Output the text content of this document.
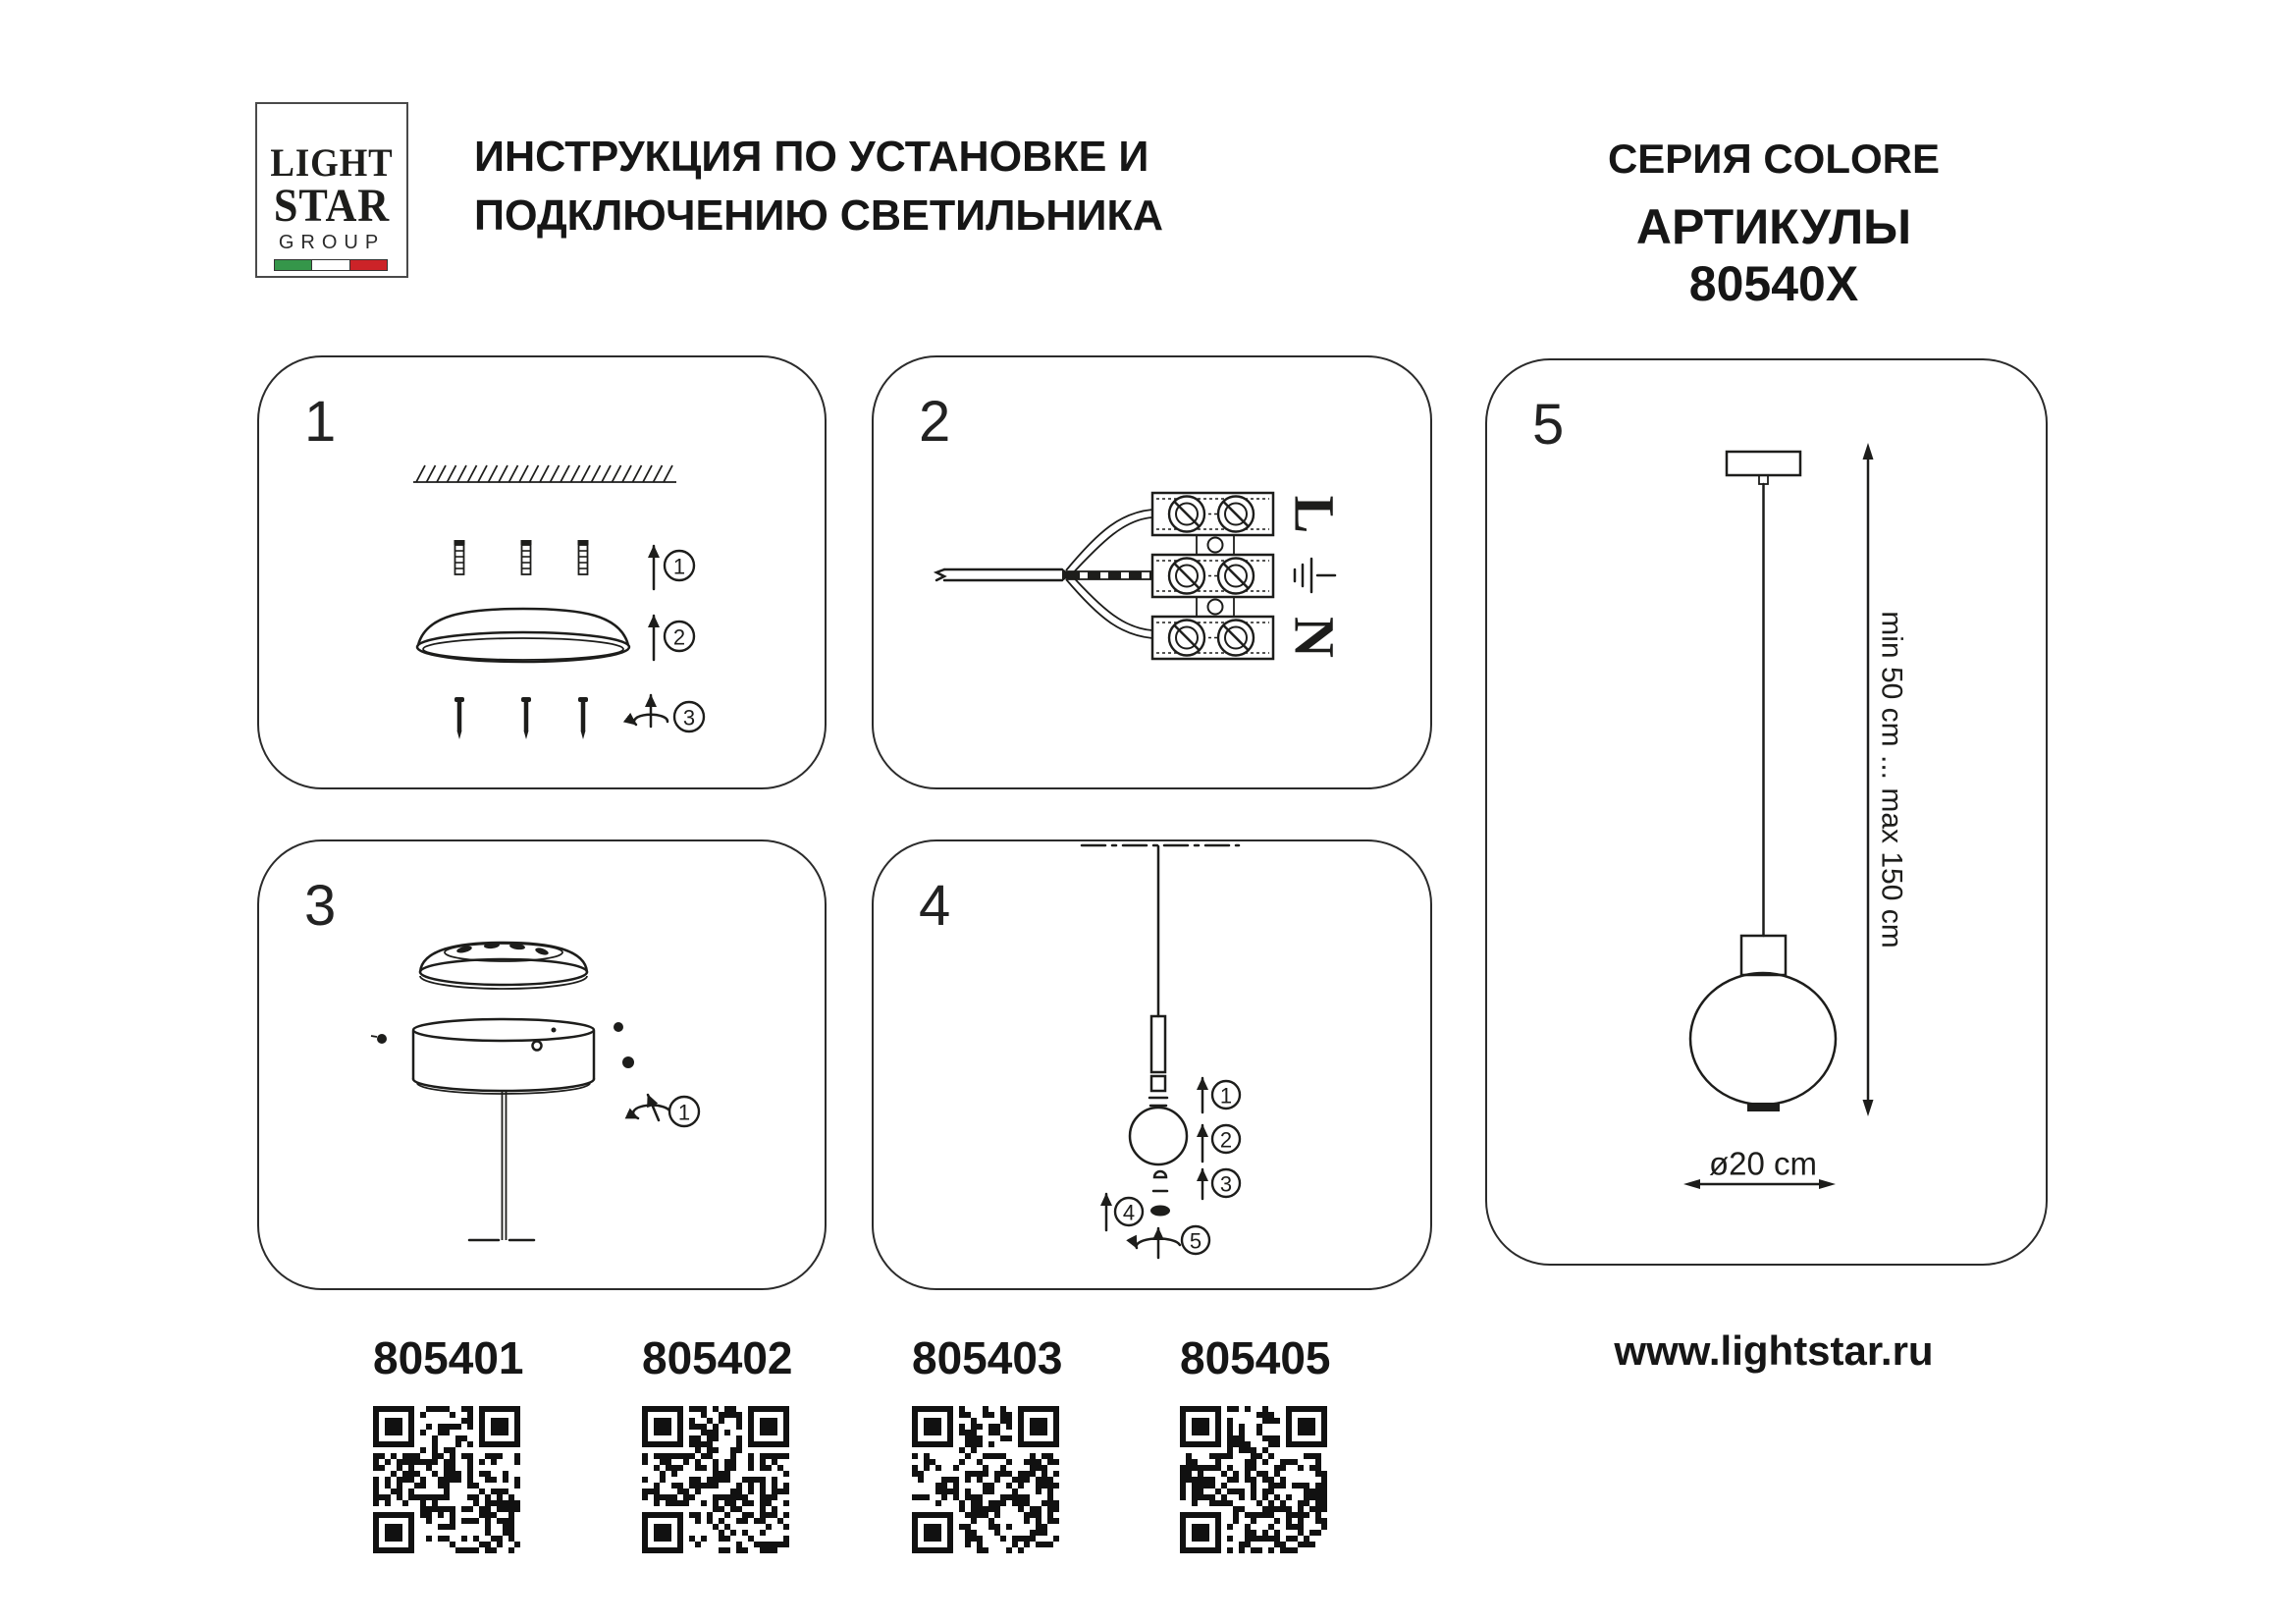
LIGHT
STAR
GROUP
ИНСТРУКЦИЯ ПО УСТАНОВКЕ И
ПОДКЛЮЧЕНИЮ СВЕТИЛЬНИКА
СЕРИЯ COLORE
АРТИКУЛЫ 80540X
1
1
2
3
2
L
N
3
1
4
1
2
3
4
5
5
min 50 cm ... max 150 cm
ø20 cm
805401	805402	805403	805405	www.lightstar.ru
